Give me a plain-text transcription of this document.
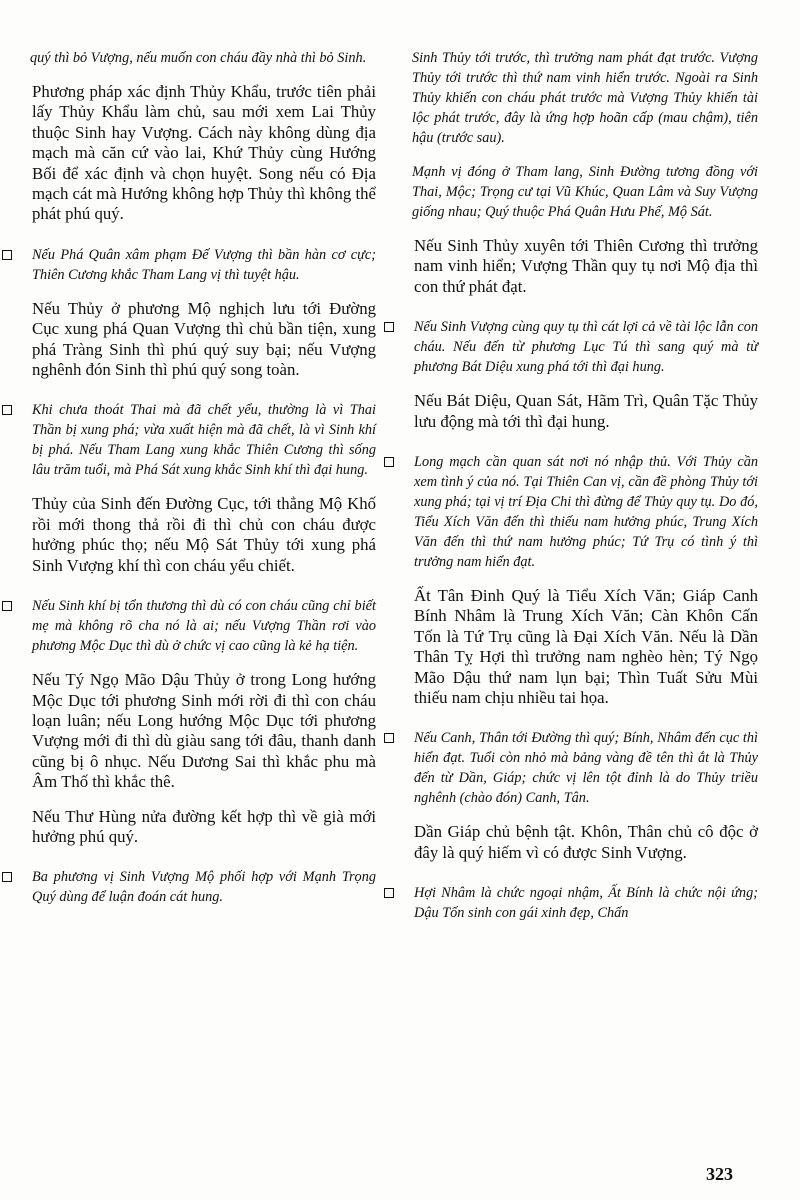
quý thì bỏ Vượng, nếu muốn con cháu đầy nhà thì bỏ Sinh.

Phương pháp xác định Thủy Khẩu, trước tiên phải lấy Thủy Khẩu làm chủ, sau mới xem Lai Thủy thuộc Sinh hay Vượng. Cách này không dùng địa mạch mà căn cứ vào lai, Khứ Thủy cùng Hướng Bối để xác định và chọn huyệt. Song nếu có Địa mạch cát mà Hướng không hợp Thủy thì không thể phát phú quý.

Nếu Phá Quân xâm phạm Đế Vượng thì bần hàn cơ cực; Thiên Cương khắc Tham Lang vị thì tuyệt hậu.

Nếu Thủy ở phương Mộ nghịch lưu tới Đường Cục xung phá Quan Vượng thì chủ bần tiện, xung phá Tràng Sinh thì phú quý suy bại; nếu Vượng nghênh đón Sinh thì phú quý song toàn.

Khi chưa thoát Thai mà đã chết yểu, thường là vì Thai Thần bị xung phá; vừa xuất hiện mà đã chết, là vì Sinh khí bị phá. Nếu Tham Lang xung khắc Thiên Cương thì sống lâu trăm tuổi, mà Phá Sát xung khắc Sinh khí thì đại hung.

Thủy của Sinh đến Đường Cục, tới thẳng Mộ Khố rồi mới thong thả rồi đi thì chủ con cháu được hưởng phúc thọ; nếu Mộ Sát Thủy tới xung phá Sinh Vượng khí thì con cháu yểu chiết.

Nếu Sinh khí bị tổn thương thì dù có con cháu cũng chỉ biết mẹ mà không rõ cha nó là ai; nếu Vượng Thần rơi vào phương Mộc Dục thì dù ở chức vị cao cũng là kẻ hạ tiện.

Nếu Tý Ngọ Mão Dậu Thủy ở trong Long hướng Mộc Dục tới phương Sinh mới rời đi thì con cháu loạn luân; nếu Long hướng Mộc Dục tới phương Vượng mới đi thì dù giàu sang tới đâu, thanh danh cũng bị ô nhục. Nếu Dương Sai thì khắc phu mà Âm Thố thì khắc thê.

Nếu Thư Hùng nửa đường kết hợp thì về già mới hưởng phú quý.

Ba phương vị Sinh Vượng Mộ phối hợp với Mạnh Trọng Quý dùng để luận đoán cát hung.

Sinh Thủy tới trước, thì trưởng nam phát đạt trước. Vượng Thủy tới trước thì thứ nam vinh hiển trước. Ngoài ra Sinh Thủy khiến con cháu phát trước mà Vượng Thủy khiến tài lộc phát trước, đây là ứng hợp hoãn cấp (mau chậm), tiên hậu (trước sau).

Mạnh vị đóng ở Tham lang, Sinh Đường tương đồng với Thai, Mộc; Trọng cư tại Vũ Khúc, Quan Lâm và Suy Vượng giống nhau; Quý thuộc Phá Quân Hưu Phế, Mộ Sát.

Nếu Sinh Thủy xuyên tới Thiên Cương thì trưởng nam vinh hiển; Vượng Thần quy tụ nơi Mộ địa thì con thứ phát đạt.

Nếu Sinh Vượng cùng quy tụ thì cát lợi cả về tài lộc lẫn con cháu. Nếu đến từ phương Lục Tú thì sang quý mà từ phương Bát Diệu xung phá tới thì đại hung.

Nếu Bát Diệu, Quan Sát, Hãm Trì, Quân Tặc Thủy lưu động mà tới thì đại hung.

Long mạch cần quan sát nơi nó nhập thủ. Với Thủy cần xem tình ý của nó. Tại Thiên Can vị, cần đề phòng Thủy tới xung phá; tại vị trí Địa Chi thì đừng để Thủy quy tụ. Do đó, Tiểu Xích Văn đến thì thiếu nam hưởng phúc, Trung Xích Văn đến thì thứ nam hưởng phúc; Tứ Trụ có tình ý thì trưởng nam hiển đạt.

Ất Tân Đinh Quý là Tiểu Xích Văn; Giáp Canh Bính Nhâm là Trung Xích Văn; Càn Khôn Cấn Tốn là Tứ Trụ cũng là Đại Xích Văn. Nếu là Dần Thân Tỵ Hợi thì trưởng nam nghèo hèn; Tý Ngọ Mão Dậu thứ nam lụn bại; Thìn Tuất Sửu Mùi thiếu nam chịu nhiều tai họa.

Nếu Canh, Thân tới Đường thì quý; Bính, Nhâm đến cục thì hiển đạt. Tuổi còn nhỏ mà bảng vàng đề tên thì ắt là Thủy đến từ Dần, Giáp; chức vị lên tột đỉnh là do Thủy triều nghênh (chào đón) Canh, Tân.

Dần Giáp chủ bệnh tật. Khôn, Thân chủ cô độc ở đây là quý hiếm vì có được Sinh Vượng.

Hợi Nhâm là chức ngoại nhậm, Ất Bính là chức nội ứng; Dậu Tốn sinh con gái xinh đẹp, Chấn

323
